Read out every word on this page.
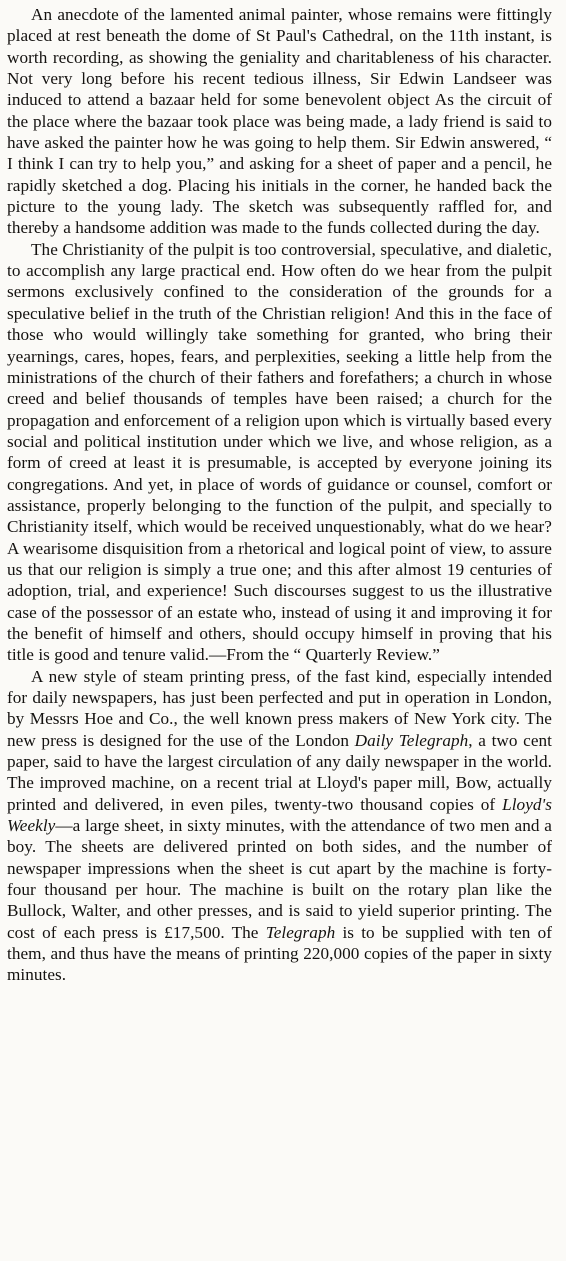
An anecdote of the lamented animal painter, whose remains were fittingly placed at rest beneath the dome of St Paul's Cathedral, on the 11th instant, is worth recording, as showing the geniality and charitableness of his character. Not very long before his recent tedious illness, Sir Edwin Landseer was induced to attend a bazaar held for some benevolent object As the circuit of the place where the bazaar took place was being made, a lady friend is said to have asked the painter how he was going to help them. Sir Edwin answered, “ I think I can try to help you,” and asking for a sheet of paper and a pencil, he rapidly sketched a dog. Placing his initials in the corner, he handed back the picture to the young lady. The sketch was subsequently raffled for, and thereby a handsome addition was made to the funds collected during the day.

The Christianity of the pulpit is too controversial, speculative, and dialetic, to accomplish any large practical end. How often do we hear from the pulpit sermons exclusively confined to the consideration of the grounds for a speculative belief in the truth of the Christian religion! And this in the face of those who would willingly take something for granted, who bring their yearnings, cares, hopes, fears, and perplexities, seeking a little help from the ministrations of the church of their fathers and forefathers; a church in whose creed and belief thousands of temples have been raised; a church for the propagation and enforcement of a religion upon which is virtually based every social and political institution under which we live, and whose religion, as a form of creed at least it is presumable, is accepted by everyone joining its congregations. And yet, in place of words of guidance or counsel, comfort or assistance, properly belonging to the function of the pulpit, and specially to Christianity itself, which would be received unquestionably, what do we hear? A wearisome disquisition from a rhetorical and logical point of view, to assure us that our religion is simply a true one; and this after almost 19 centuries of adoption, trial, and experience! Such discourses suggest to us the illustrative case of the possessor of an estate who, instead of using it and improving it for the benefit of himself and others, should occupy himself in proving that his title is good and tenure valid.—From the “ Quarterly Review.”

A new style of steam printing press, of the fast kind, especially intended for daily newspapers, has just been perfected and put in operation in London, by Messrs Hoe and Co., the well known press makers of New York city. The new press is designed for the use of the London Daily Telegraph, a two cent paper, said to have the largest circulation of any daily newspaper in the world. The improved machine, on a recent trial at Lloyd's paper mill, Bow, actually printed and delivered, in even piles, twenty-two thousand copies of Lloyd's Weekly—a large sheet, in sixty minutes, with the attendance of two men and a boy. The sheets are delivered printed on both sides, and the number of newspaper impressions when the sheet is cut apart by the machine is forty-four thousand per hour. The machine is built on the rotary plan like the Bullock, Walter, and other presses, and is said to yield superior printing. The cost of each press is £17,500. The Telegraph is to be supplied with ten of them, and thus have the means of printing 220,000 copies of the paper in sixty minutes.
